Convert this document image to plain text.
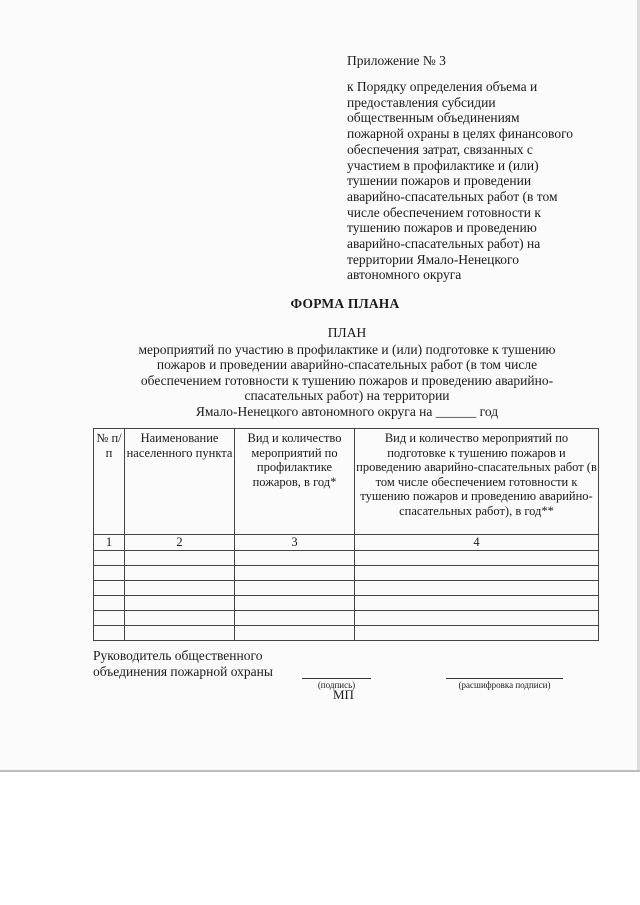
Приложение № 3
к Порядку определения объема и
предоставления субсидии
общественным объединениям
пожарной охраны в целях финансового
обеспечения затрат, связанных с
участием в профилактике и (или)
тушении пожаров и проведении
аварийно-спасательных работ (в том
числе обеспечением готовности к
тушению пожаров и проведению
аварийно-спасательных работ) на
территории Ямало-Ненецкого
автономного округа
ФОРМА ПЛАНА
ПЛАН
мероприятий по участию в профилактике и (или) подготовке к тушению
пожаров и проведении аварийно-спасательных работ (в том числе
обеспечением готовности к тушению пожаров и проведению аварийно-
спасательных работ) на территории
Ямало-Ненецкого автономного округа на ______ год
№ п/п	Наименование населенного пункта	Вид и количество мероприятий по профилактике пожаров, в год*	Вид и количество мероприятий по подготовке к тушению пожаров и проведению аварийно-спасательных работ (в том числе обеспечением готовности к тушению пожаров и проведению аварийно-спасательных работ), в год**
1	2	3	4

Руководитель общественного
объединения пожарной охраны
(подпись)	(расшифровка подписи)
МП
